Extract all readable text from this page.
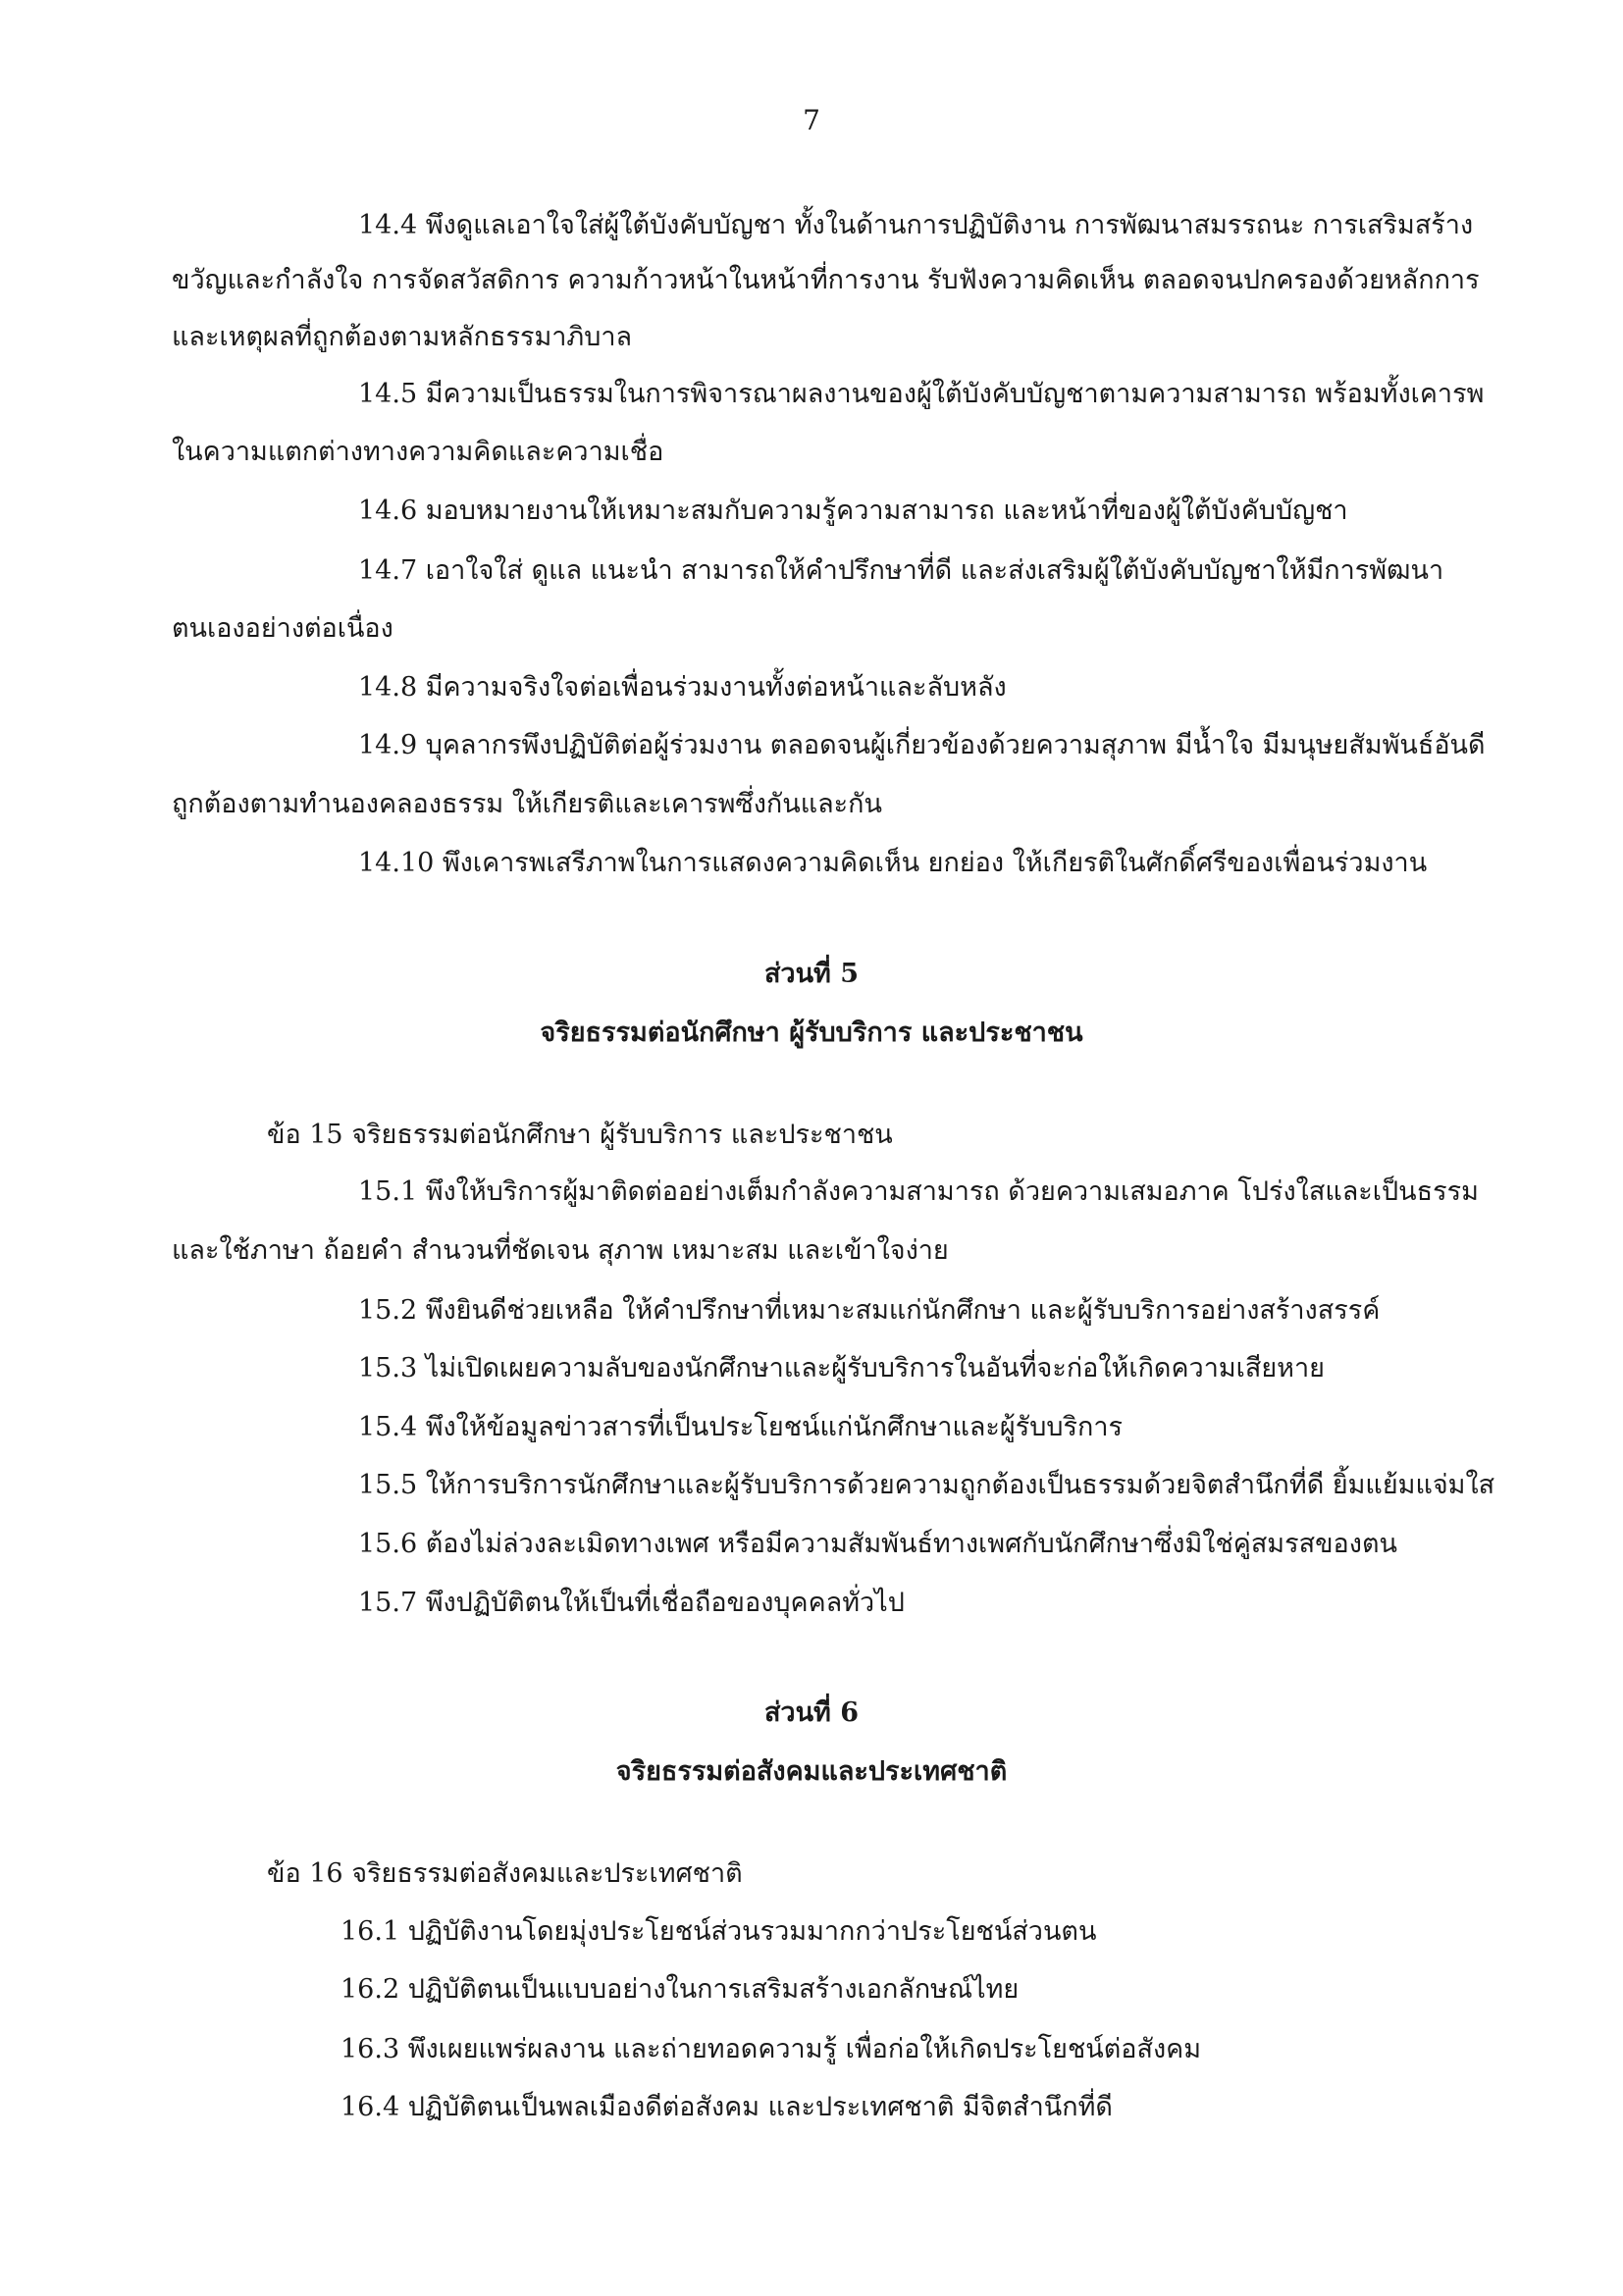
7
14.4 พึงดูแลเอาใจใส่ผู้ใต้บังคับบัญชา ทั้งในด้านการปฏิบัติงาน การพัฒนาสมรรถนะ การเสริมสร้าง
ขวัญและกำลังใจ การจัดสวัสดิการ ความก้าวหน้าในหน้าที่การงาน รับฟังความคิดเห็น ตลอดจนปกครองด้วยหลักการ
และเหตุผลที่ถูกต้องตามหลักธรรมาภิบาล
14.5 มีความเป็นธรรมในการพิจารณาผลงานของผู้ใต้บังคับบัญชาตามความสามารถ พร้อมทั้งเคารพ
ในความแตกต่างทางความคิดและความเชื่อ
14.6 มอบหมายงานให้เหมาะสมกับความรู้ความสามารถ และหน้าที่ของผู้ใต้บังคับบัญชา
14.7 เอาใจใส่ ดูแล แนะนำ สามารถให้คำปรึกษาที่ดี และส่งเสริมผู้ใต้บังคับบัญชาให้มีการพัฒนา
ตนเองอย่างต่อเนื่อง
14.8 มีความจริงใจต่อเพื่อนร่วมงานทั้งต่อหน้าและลับหลัง
14.9 บุคลากรพึงปฏิบัติต่อผู้ร่วมงาน ตลอดจนผู้เกี่ยวข้องด้วยความสุภาพ มีน้ำใจ มีมนุษยสัมพันธ์อันดี
ถูกต้องตามทำนองคลองธรรม ให้เกียรติและเคารพซึ่งกันและกัน
14.10 พึงเคารพเสรีภาพในการแสดงความคิดเห็น ยกย่อง ให้เกียรติในศักดิ์ศรีของเพื่อนร่วมงาน
ส่วนที่ 5
จริยธรรมต่อนักศึกษา ผู้รับบริการ และประชาชน
ข้อ 15 จริยธรรมต่อนักศึกษา ผู้รับบริการ และประชาชน
15.1 พึงให้บริการผู้มาติดต่ออย่างเต็มกำลังความสามารถ ด้วยความเสมอภาค โปร่งใสและเป็นธรรม
และใช้ภาษา ถ้อยคำ สำนวนที่ชัดเจน สุภาพ เหมาะสม และเข้าใจง่าย
15.2 พึงยินดีช่วยเหลือ ให้คำปรึกษาที่เหมาะสมแก่นักศึกษา และผู้รับบริการอย่างสร้างสรรค์
15.3 ไม่เปิดเผยความลับของนักศึกษาและผู้รับบริการในอันที่จะก่อให้เกิดความเสียหาย
15.4 พึงให้ข้อมูลข่าวสารที่เป็นประโยชน์แก่นักศึกษาและผู้รับบริการ
15.5 ให้การบริการนักศึกษาและผู้รับบริการด้วยความถูกต้องเป็นธรรมด้วยจิตสำนึกที่ดี ยิ้มแย้มแจ่มใส
15.6 ต้องไม่ล่วงละเมิดทางเพศ หรือมีความสัมพันธ์ทางเพศกับนักศึกษาซึ่งมิใช่คู่สมรสของตน
15.7 พึงปฏิบัติตนให้เป็นที่เชื่อถือของบุคคลทั่วไป
ส่วนที่ 6
จริยธรรมต่อสังคมและประเทศชาติ
ข้อ 16 จริยธรรมต่อสังคมและประเทศชาติ
16.1 ปฏิบัติงานโดยมุ่งประโยชน์ส่วนรวมมากกว่าประโยชน์ส่วนตน
16.2 ปฏิบัติตนเป็นแบบอย่างในการเสริมสร้างเอกลักษณ์ไทย
16.3 พึงเผยแพร่ผลงาน และถ่ายทอดความรู้ เพื่อก่อให้เกิดประโยชน์ต่อสังคม
16.4 ปฏิบัติตนเป็นพลเมืองดีต่อสังคม และประเทศชาติ มีจิตสำนึกที่ดี
